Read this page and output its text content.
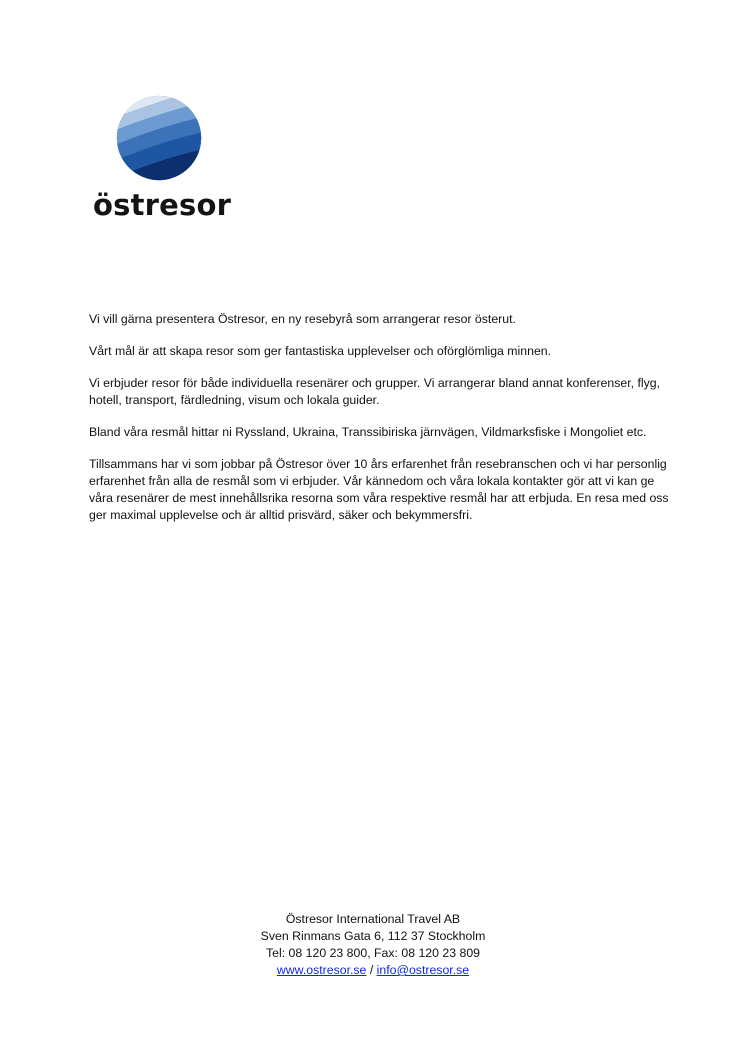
östresor

Vi vill gärna presentera Östresor, en ny resebyrå som arrangerar resor österut.

Vårt mål är att skapa resor som ger fantastiska upplevelser och oförglömliga minnen.

Vi erbjuder resor för både individuella resenärer och grupper. Vi arrangerar bland annat konferenser, flyg, hotell, transport, färdledning, visum och lokala guider.

Bland våra resmål hittar ni Ryssland, Ukraina, Transsibiriska järnvägen, Vildmarksfiske i Mongoliet etc.

Tillsammans har vi som jobbar på Östresor över 10 års erfarenhet från resebranschen och vi har personlig erfarenhet från alla de resmål som vi erbjuder. Vår kännedom och våra lokala kontakter gör att vi kan ge våra resenärer de mest innehållsrika resorna som våra respektive resmål har att erbjuda. En resa med oss ger maximal upplevelse och är alltid prisvärd, säker och bekymmersfri.

Östresor International Travel AB
Sven Rinmans Gata 6, 112 37 Stockholm
Tel: 08 120 23 800, Fax: 08 120 23 809
www.ostresor.se / info@ostresor.se
